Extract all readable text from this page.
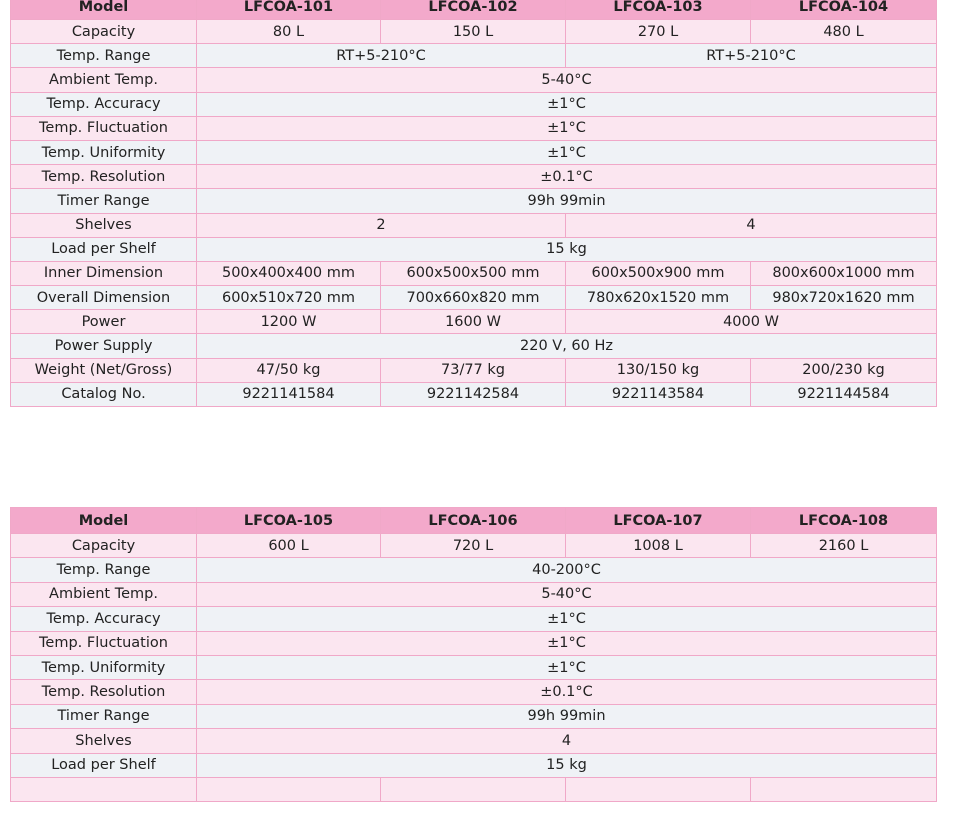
Model	LFCOA-101	LFCOA-102	LFCOA-103	LFCOA-104
Capacity	80 L	150 L	270 L	480 L
Temp. Range	RT+5-210°C		RT+5-210°C	
Ambient Temp.	5-40°C			
Temp. Accuracy	±1°C			
Temp. Fluctuation	±1°C			
Temp. Uniformity	±1°C			
Temp. Resolution	±0.1°C			
Timer Range	99h 99min			
Shelves	2		4	
Load per Shelf	15 kg			
Inner Dimension	500x400x400 mm	600x500x500 mm	600x500x900 mm	800x600x1000 mm
Overall Dimension	600x510x720 mm	700x660x820 mm	780x620x1520 mm	980x720x1620 mm
Power	1200 W	1600 W	4000 W	
Power Supply	220 V, 60 Hz			
Weight (Net/Gross)	47/50 kg	73/77 kg	130/150 kg	200/230 kg
Catalog No.	9221141584	9221142584	9221143584	9221144584
Model	LFCOA-105	LFCOA-106	LFCOA-107	LFCOA-108
Capacity	600 L	720 L	1008 L	2160 L
Temp. Range	40-200°C			
Ambient Temp.	5-40°C			
Temp. Accuracy	±1°C			
Temp. Fluctuation	±1°C			
Temp. Uniformity	±1°C			
Temp. Resolution	±0.1°C			
Timer Range	99h 99min			
Shelves	4			
Load per Shelf	15 kg			
